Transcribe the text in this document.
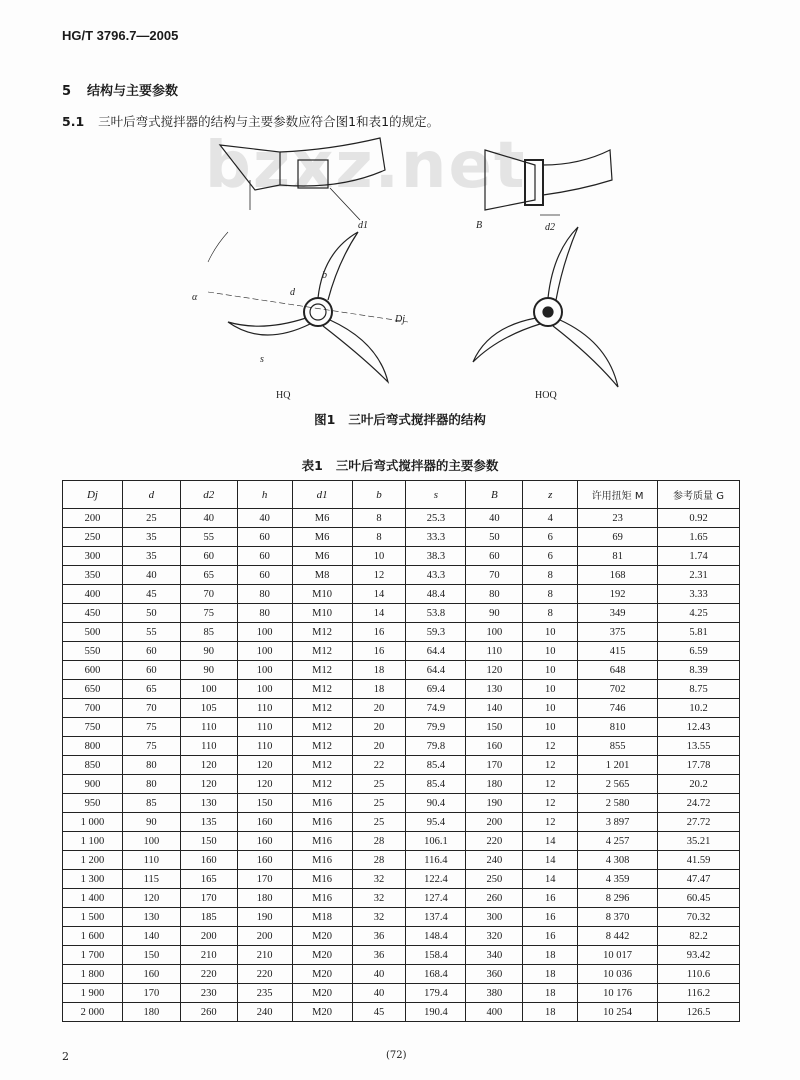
bzxz.net
HG/T 3796.7—2005
5 结构与主要参数
5.1 三叶后弯式搅拌器的结构与主要参数应符合图1和表1的规定。
HQ	HOQ
Dj
d
b
s
α
d2
B
d1
图1 三叶后弯式搅拌器的结构
表1 三叶后弯式搅拌器的主要参数
Dj	d	d2	h	d1	b	s	B	z	许用扭矩 M	参考质量 G
200	25	40	40	M6	8	25.3	40	4	23	0.92
250	35	55	60	M6	8	33.3	50	6	69	1.65
300	35	60	60	M6	10	38.3	60	6	81	1.74
350	40	65	60	M8	12	43.3	70	8	168	2.31
400	45	70	80	M10	14	48.4	80	8	192	3.33
450	50	75	80	M10	14	53.8	90	8	349	4.25
500	55	85	100	M12	16	59.3	100	10	375	5.81
550	60	90	100	M12	16	64.4	110	10	415	6.59
600	60	90	100	M12	18	64.4	120	10	648	8.39
650	65	100	100	M12	18	69.4	130	10	702	8.75
700	70	105	110	M12	20	74.9	140	10	746	10.2
750	75	110	110	M12	20	79.9	150	10	810	12.43
800	75	110	110	M12	20	79.8	160	12	855	13.55
850	80	120	120	M12	22	85.4	170	12	1 201	17.78
900	80	120	120	M12	25	85.4	180	12	2 565	20.2
950	85	130	150	M16	25	90.4	190	12	2 580	24.72
1 000	90	135	160	M16	25	95.4	200	12	3 897	27.72
1 100	100	150	160	M16	28	106.1	220	14	4 257	35.21
1 200	110	160	160	M16	28	116.4	240	14	4 308	41.59
1 300	115	165	170	M16	32	122.4	250	14	4 359	47.47
1 400	120	170	180	M16	32	127.4	260	16	8 296	60.45
1 500	130	185	190	M18	32	137.4	300	16	8 370	70.32
1 600	140	200	200	M20	36	148.4	320	16	8 442	82.2
1 700	150	210	210	M20	36	158.4	340	18	10 017	93.42
1 800	160	220	220	M20	40	168.4	360	18	10 036	110.6
1 900	170	230	235	M20	40	179.4	380	18	10 176	116.2
2 000	180	260	240	M20	45	190.4	400	18	10 254	126.5
2	(72)
